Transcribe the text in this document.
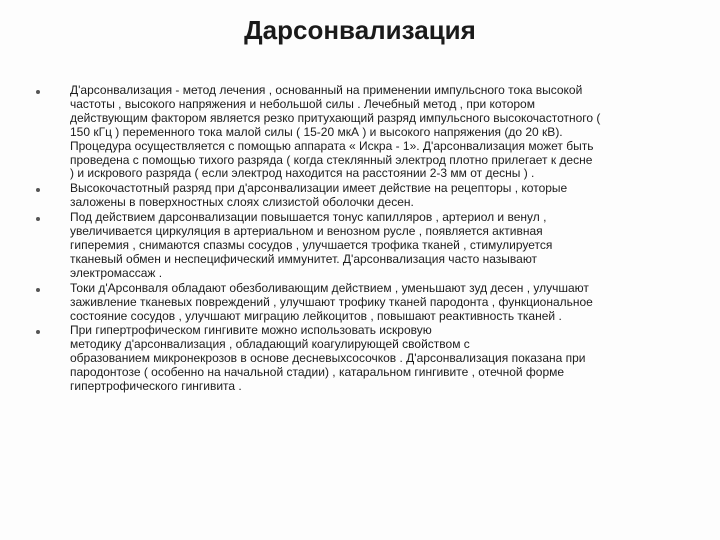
Дарсонвализация
Д'арсонвализация - метод лечения , основанный на применении импульсного тока высокой
частоты , высокого напряжения и небольшой силы . Лечебный метод , при котором
действующим фактором является резко притухающий разряд импульсного высокочастотного (
150 кГц ) переменного тока малой силы ( 15-20 мкА ) и высокого напряжения (до 20 кВ).
Процедура осуществляется с помощью аппарата « Искра - 1». Д'арсонвализация может быть
проведена с помощью тихого разряда ( когда стеклянный электрод плотно прилегает к десне
) и искрового разряда ( если электрод находится на расстоянии 2-3 мм от десны ) .
Высокочастотный разряд при д'арсонвализации имеет действие на рецепторы , которые
заложены в поверхностных слоях слизистой оболочки десен.
Под действием дарсонвализации повышается тонус капилляров , артериол и венул ,
увеличивается циркуляция в артериальном и венозном русле , появляется активная
гиперемия , снимаются спазмы сосудов , улучшается трофика тканей , стимулируется
тканевый обмен и неспецифический иммунитет. Д'арсонвализация часто называют
электромассаж .
Токи д'Арсонваля обладают обезболивающим действием , уменьшают зуд десен , улучшают
заживление тканевых повреждений , улучшают трофику тканей пародонта , функциональное
состояние сосудов , улучшают миграцию лейкоцитов , повышают реактивность тканей .
При гипертрофическом гингивите можно использовать искровую
методику д'арсонвализация , обладающий коагулирующей свойством с
образованием микронекрозов в основе десневыхсосочков . Д'арсонвализация показана при
пародонтозе ( особенно на начальной стадии) , катаральном гингивите , отечной форме
гипертрофического гингивита .
